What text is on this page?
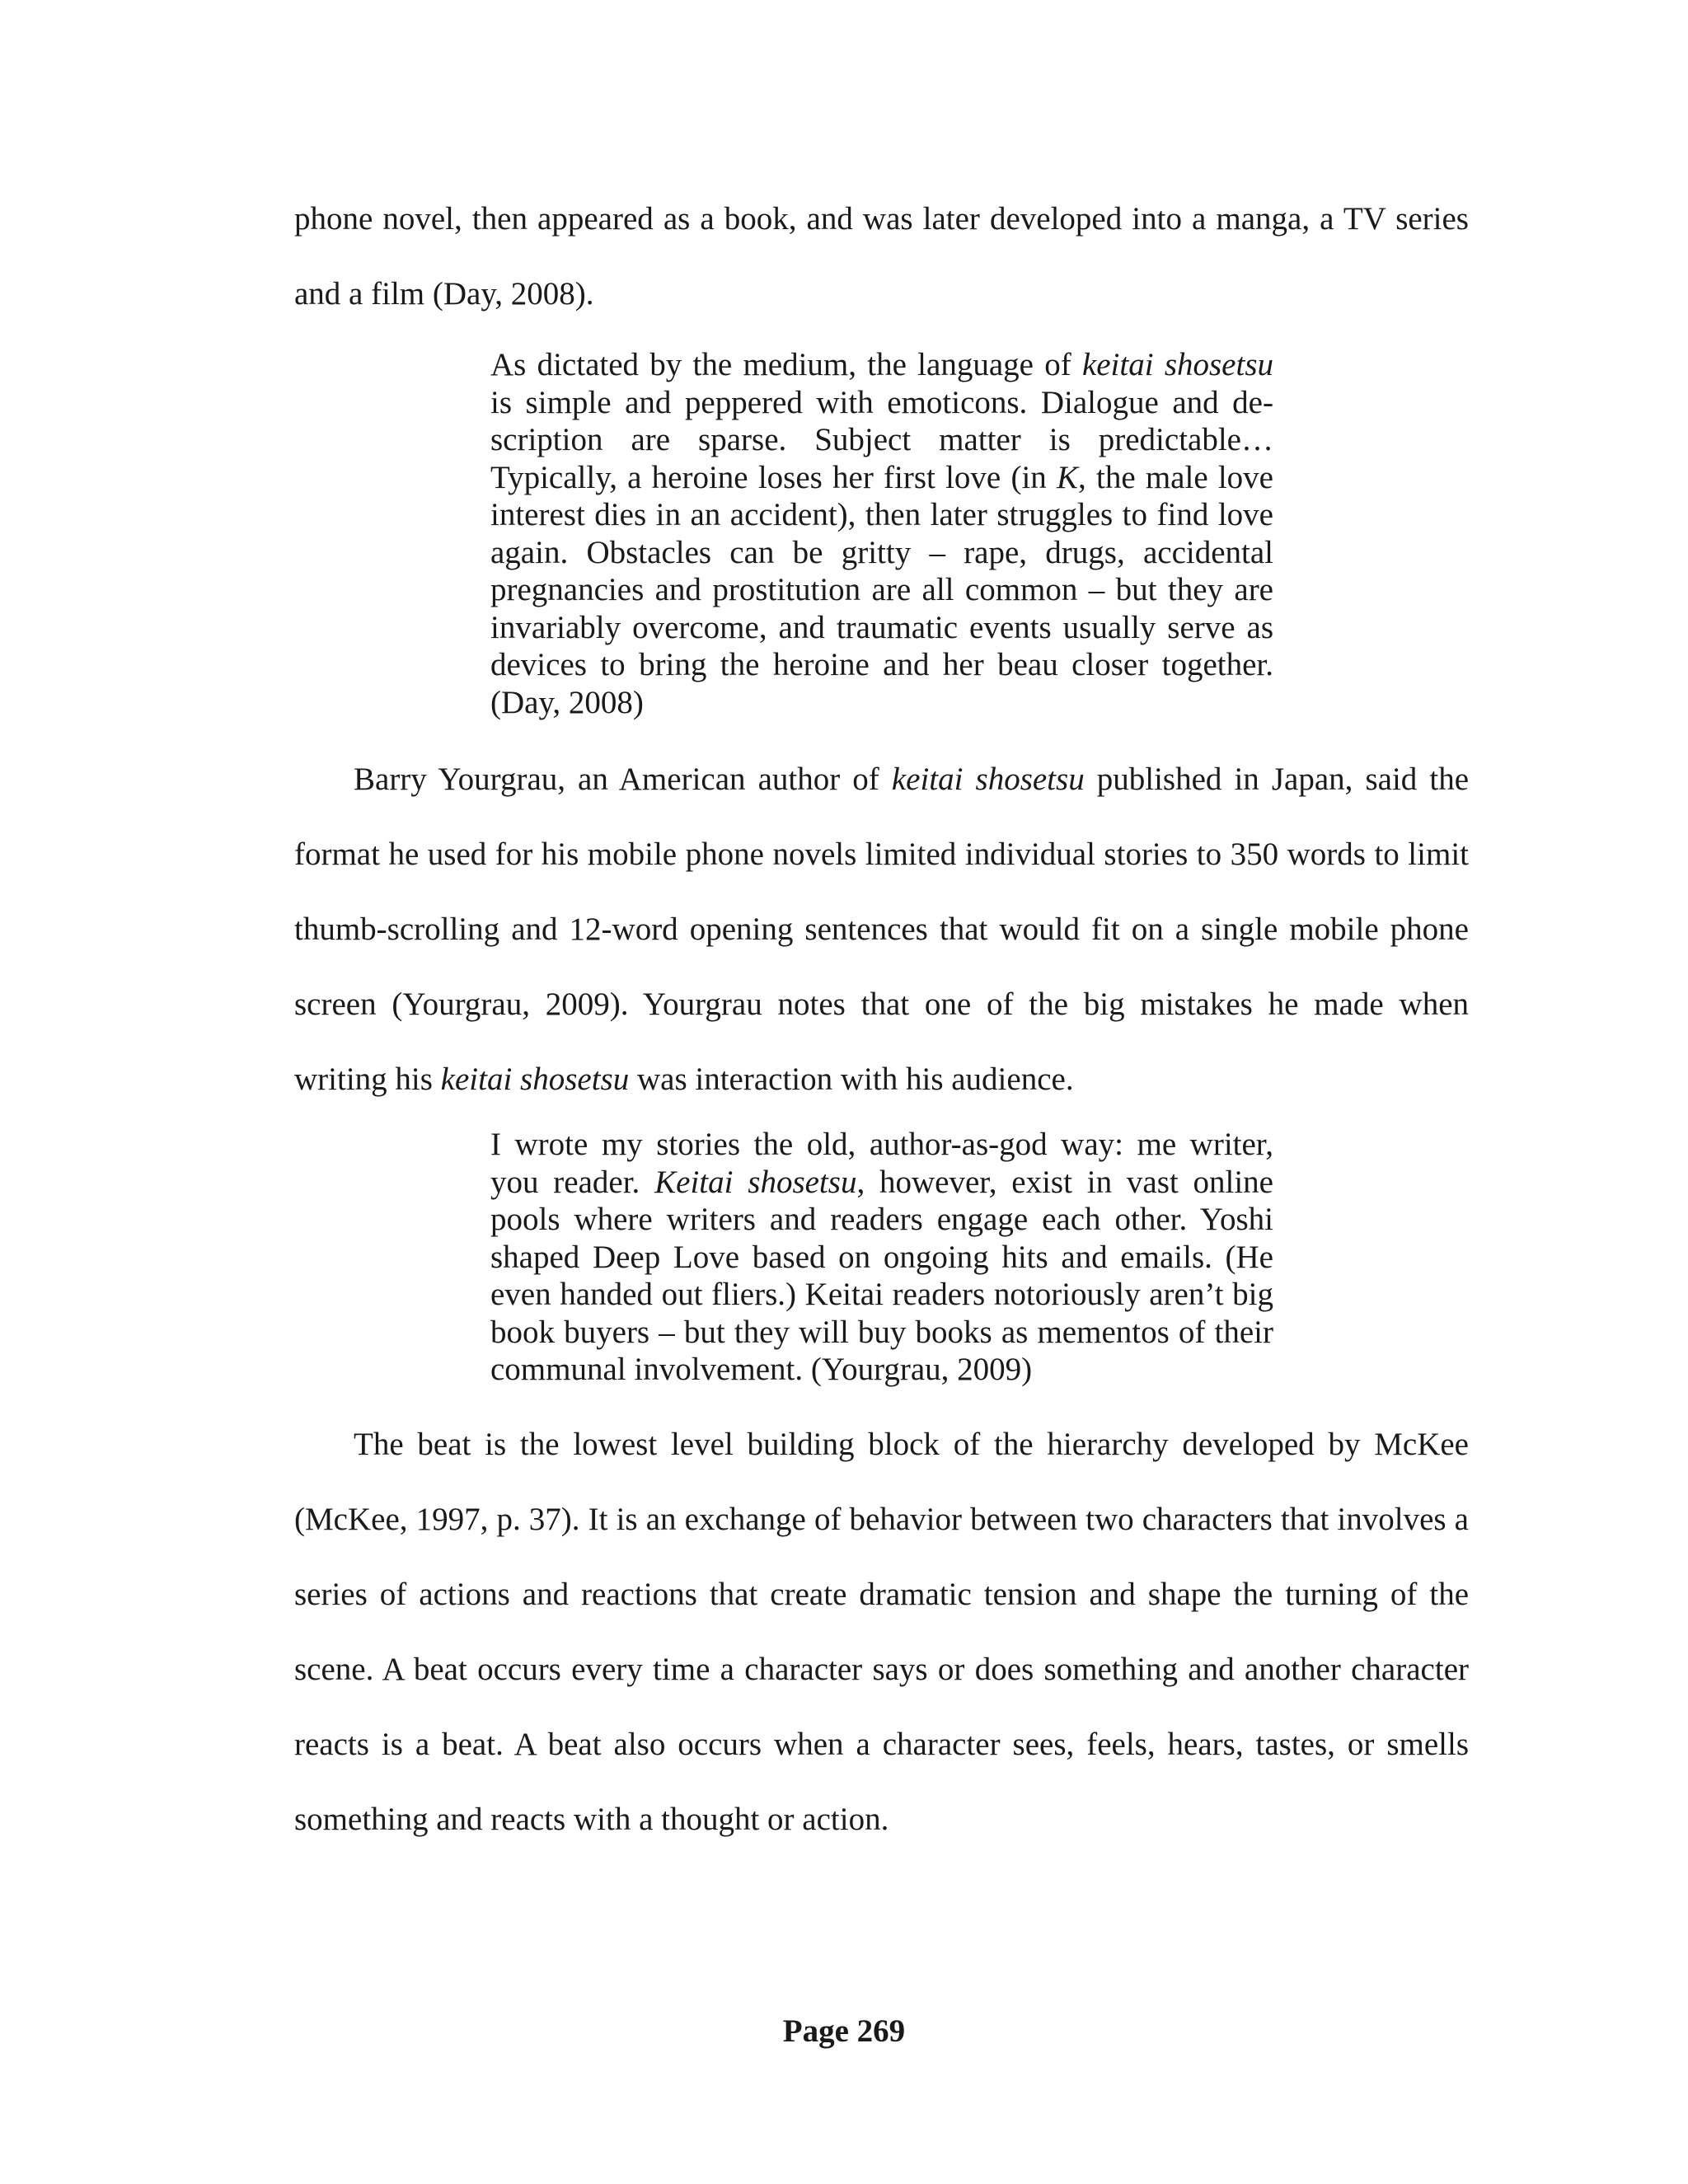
phone novel, then appeared as a book, and was later developed into a manga, a TV series and a film (Day, 2008).

As dictated by the medium, the language of keitai shosetsu is simple and peppered with emoticons. Dialogue and description are sparse. Subject matter is predictable…Typically, a heroine loses her first love (in K, the male love interest dies in an accident), then later struggles to find love again. Obstacles can be gritty – rape, drugs, accidental pregnancies and prostitution are all common – but they are invariably overcome, and traumatic events usually serve as devices to bring the heroine and her beau closer together. (Day, 2008)

Barry Yourgrau, an American author of keitai shosetsu published in Japan, said the format he used for his mobile phone novels limited individual stories to 350 words to limit thumb-scrolling and 12-word opening sentences that would fit on a single mobile phone screen (Yourgrau, 2009). Yourgrau notes that one of the big mistakes he made when writing his keitai shosetsu was interaction with his audience.

I wrote my stories the old, author-as-god way: me writer, you reader. Keitai shosetsu, however, exist in vast online pools where writers and readers engage each other. Yoshi shaped Deep Love based on ongoing hits and emails. (He even handed out fliers.) Keitai readers notoriously aren’t big book buyers – but they will buy books as mementos of their communal involvement. (Yourgrau, 2009)

The beat is the lowest level building block of the hierarchy developed by McKee (McKee, 1997, p. 37). It is an exchange of behavior between two characters that involves a series of actions and reactions that create dramatic tension and shape the turning of the scene. A beat occurs every time a character says or does something and another character reacts is a beat. A beat also occurs when a character sees, feels, hears, tastes, or smells something and reacts with a thought or action.

Page 269
